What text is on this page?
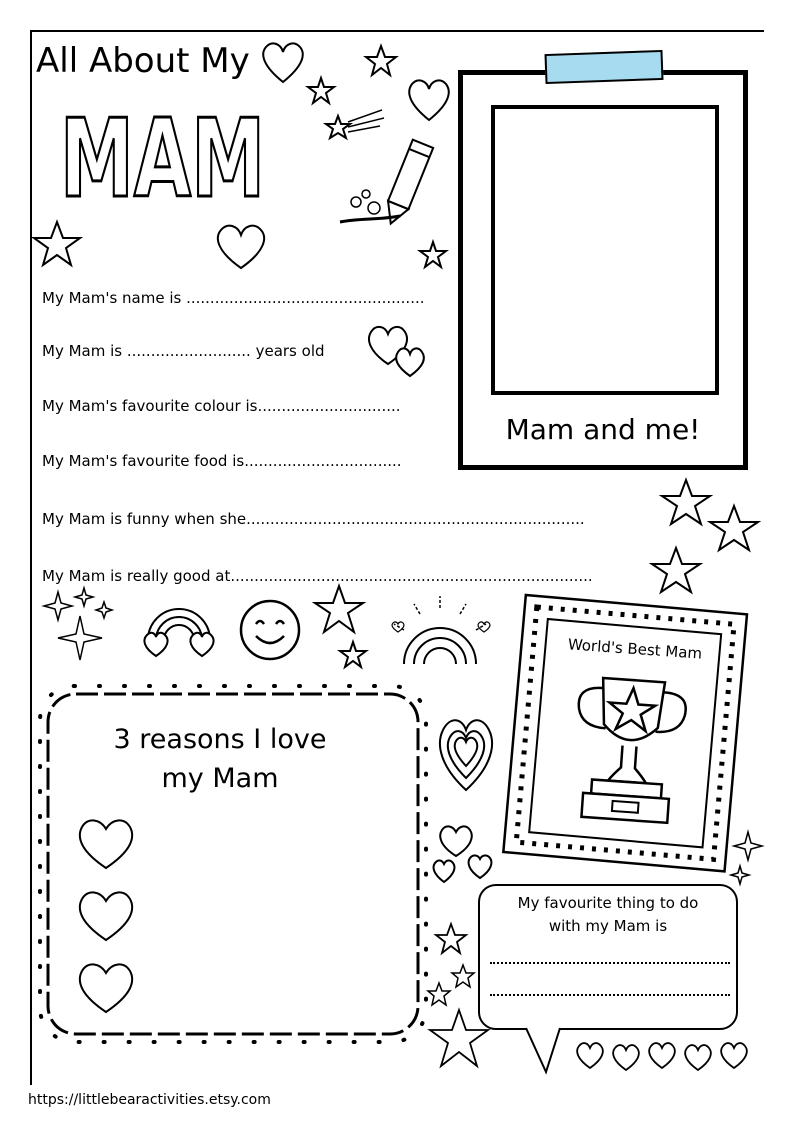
All About My
MAM
My Mam's name is ..................................................
My Mam is .......................... years old
My Mam's favourite colour is..............................
My Mam's favourite food is.................................
My Mam is funny when she.......................................................................
My Mam is really good at............................................................................
Mam and me!
World's Best Mam
3 reasons I love
my Mam
My favourite thing to do
with my Mam is
https://littlebearactivities.etsy.com
